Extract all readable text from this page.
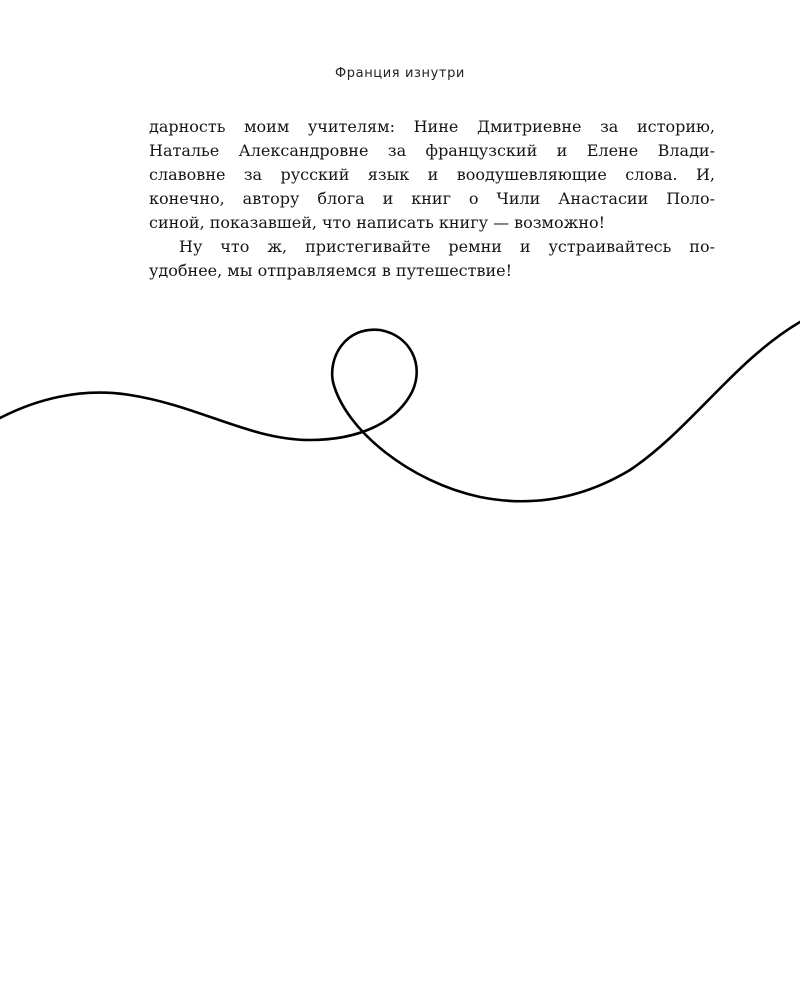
Франция изнутри
дарность моим учителям: Нине Дмитриевне за историю,
Наталье Александровне за французский и Елене Влади-
славовне за русский язык и воодушевляющие слова. И,
конечно, автору блога и книг о Чили Анастасии Поло-
синой, показавшей, что написать книгу — возможно!
Ну что ж, пристегивайте ремни и устраивайтесь по-
удобнее, мы отправляемся в путешествие!
